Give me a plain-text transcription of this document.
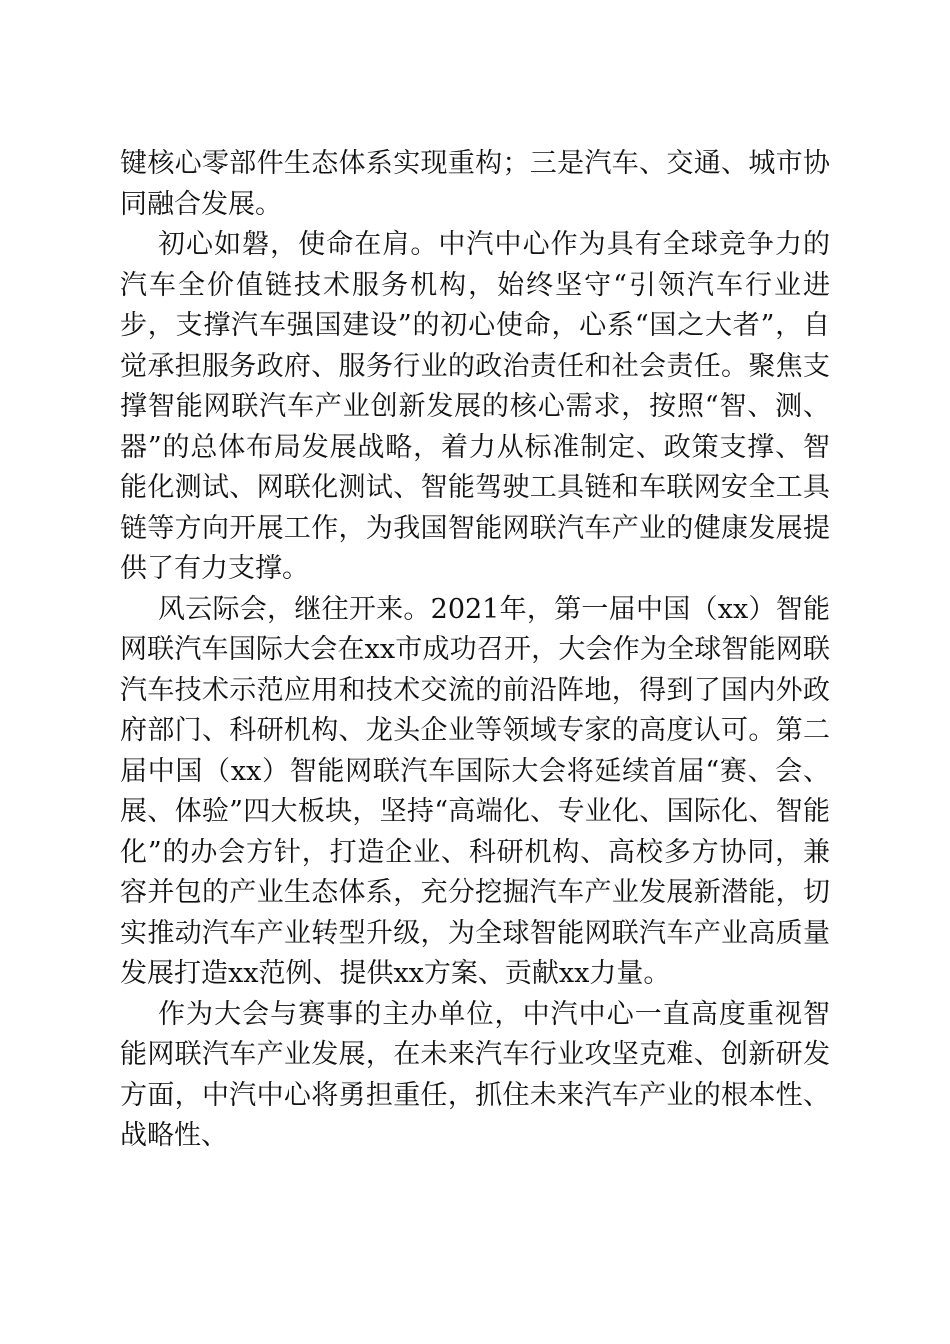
键核心零部件生态体系实现重构；三是汽车、交通、城市协同融合发展。

初心如磐，使命在肩。中汽中心作为具有全球竞争力的汽车全价值链技术服务机构，始终坚守“引领汽车行业进步，支撑汽车强国建设”的初心使命，心系“国之大者”，自觉承担服务政府、服务行业的政治责任和社会责任。聚焦支撑智能网联汽车产业创新发展的核心需求，按照“智、测、器”的总体布局发展战略，着力从标准制定、政策支撑、智能化测试、网联化测试、智能驾驶工具链和车联网安全工具链等方向开展工作，为我国智能网联汽车产业的健康发展提供了有力支撑。

风云际会，继往开来。2021年，第一届中国（xx）智能网联汽车国际大会在xx市成功召开，大会作为全球智能网联汽车技术示范应用和技术交流的前沿阵地，得到了国内外政府部门、科研机构、龙头企业等领域专家的高度认可。第二届中国（xx）智能网联汽车国际大会将延续首届“赛、会、展、体验”四大板块，坚持“高端化、专业化、国际化、智能化”的办会方针，打造企业、科研机构、高校多方协同，兼容并包的产业生态体系，充分挖掘汽车产业发展新潜能，切实推动汽车产业转型升级，为全球智能网联汽车产业高质量发展打造xx范例、提供xx方案、贡献xx力量。

作为大会与赛事的主办单位，中汽中心一直高度重视智能网联汽车产业发展，在未来汽车行业攻坚克难、创新研发方面，中汽中心将勇担重任，抓住未来汽车产业的根本性、战略性、
